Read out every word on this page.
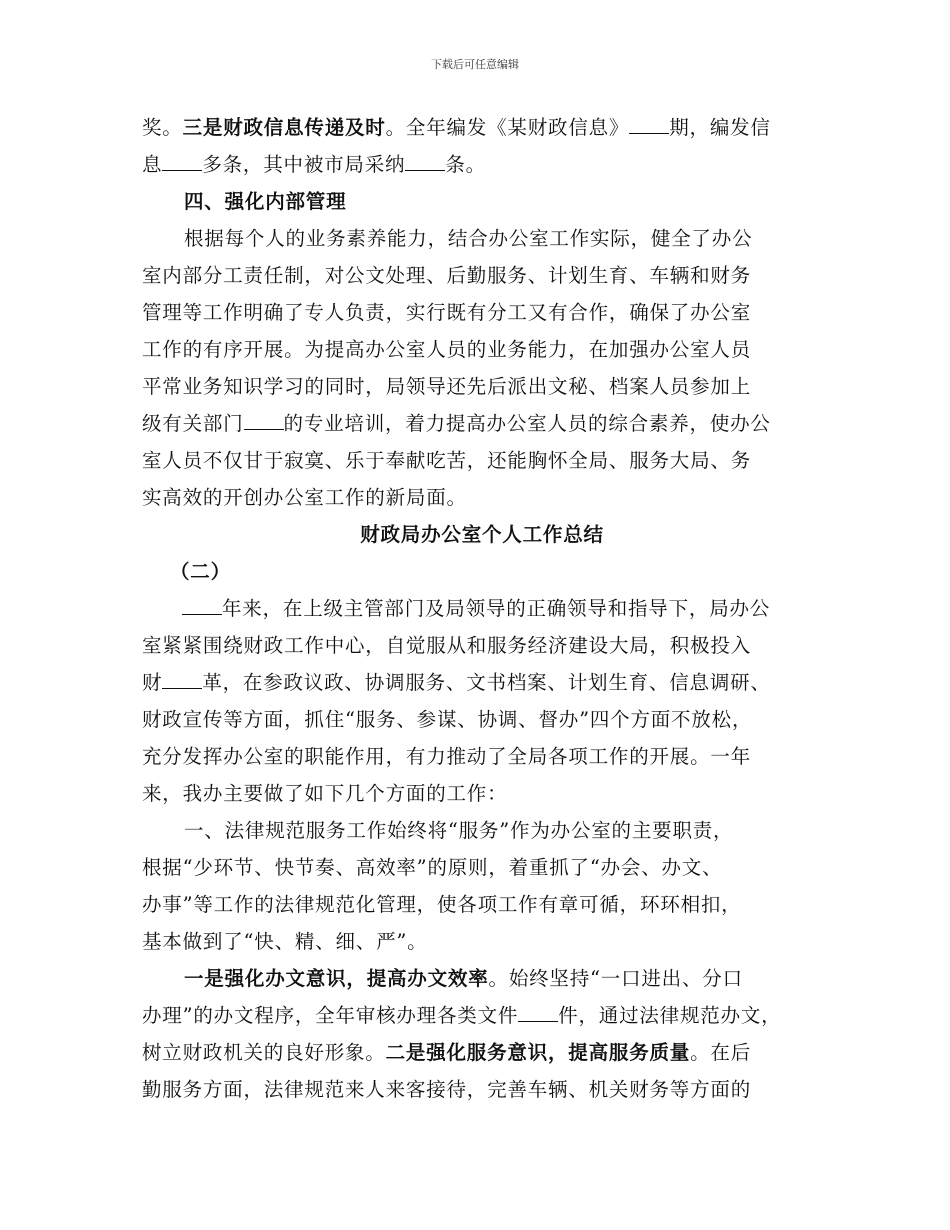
下载后可任意编辑
奖。三是财政信息传递及时。全年编发《某财政信息》 期，编发信
息 多条，其中被市局采纳 条。
四、强化内部管理
根据每个人的业务素养能力，结合办公室工作实际，健全了办公
室内部分工责任制，对公文处理、后勤服务、计划生育、车辆和财务
管理等工作明确了专人负责，实行既有分工又有合作，确保了办公室
工作的有序开展。为提高办公室人员的业务能力，在加强办公室人员
平常业务知识学习的同时，局领导还先后派出文秘、档案人员参加上
级有关部门 的专业培训，着力提高办公室人员的综合素养，使办公
室人员不仅甘于寂寞、乐于奉献吃苦，还能胸怀全局、服务大局、务
实高效的开创办公室工作的新局面。
财政局办公室个人工作总结
（二）
年来，在上级主管部门及局领导的正确领导和指导下，局办公
室紧紧围绕财政工作中心，自觉服从和服务经济建设大局，积极投入
财 革，在参政议政、协调服务、文书档案、计划生育、信息调研、
财政宣传等方面，抓住“服务、参谋、协调、督办”四个方面不放松，
充分发挥办公室的职能作用，有力推动了全局各项工作的开展。一年
来，我办主要做了如下几个方面的工作：
一、法律规范服务工作始终将“服务”作为办公室的主要职责，
根据“少环节、快节奏、高效率”的原则，着重抓了“办会、办文、
办事”等工作的法律规范化管理，使各项工作有章可循，环环相扣，
基本做到了“快、精、细、严”。
一是强化办文意识，提高办文效率。始终坚持“一口进出、分口
办理”的办文程序，全年审核办理各类文件 件，通过法律规范办文，
树立财政机关的良好形象。二是强化服务意识，提高服务质量。在后
勤服务方面，法律规范来人来客接待，完善车辆、机关财务等方面的
